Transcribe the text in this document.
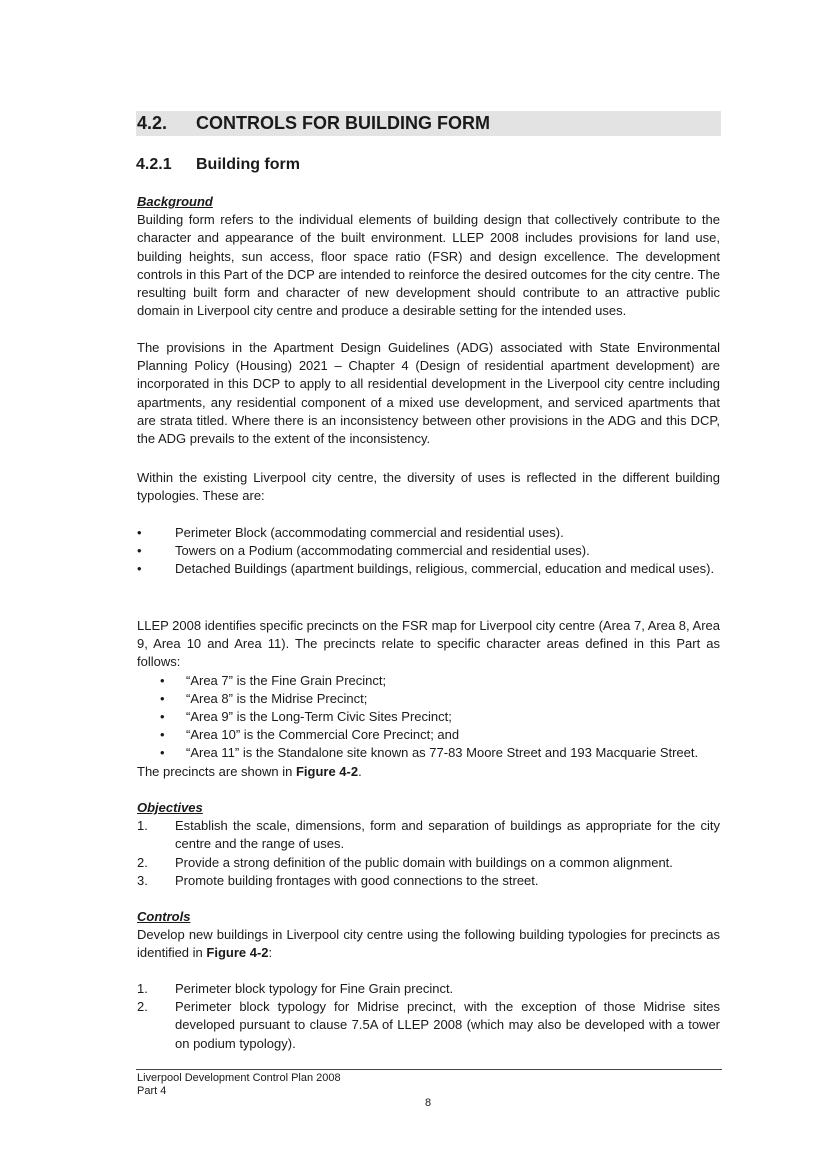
4.2. CONTROLS FOR BUILDING FORM
4.2.1 Building form
Background

Building form refers to the individual elements of building design that collectively contribute to the character and appearance of the built environment. LLEP 2008 includes provisions for land use, building heights, sun access, floor space ratio (FSR) and design excellence. The development controls in this Part of the DCP are intended to reinforce the desired outcomes for the city centre. The resulting built form and character of new development should contribute to an attractive public domain in Liverpool city centre and produce a desirable setting for the intended uses.

The provisions in the Apartment Design Guidelines (ADG) associated with State Environmental Planning Policy (Housing) 2021 – Chapter 4 (Design of residential apartment development) are incorporated in this DCP to apply to all residential development in the Liverpool city centre including apartments, any residential component of a mixed use development, and serviced apartments that are strata titled. Where there is an inconsistency between other provisions in the ADG and this DCP, the ADG prevails to the extent of the inconsistency.
Within the existing Liverpool city centre, the diversity of uses is reflected in the different building typologies. These are:
•	Perimeter Block (accommodating commercial and residential uses).
•	Towers on a Podium (accommodating commercial and residential uses).
•	Detached Buildings (apartment buildings, religious, commercial, education and medical uses).
LLEP 2008 identifies specific precincts on the FSR map for Liverpool city centre (Area 7, Area 8, Area 9, Area 10 and Area 11). The precincts relate to specific character areas defined in this Part as follows:
• “Area 7” is the Fine Grain Precinct;
• “Area 8” is the Midrise Precinct;
• “Area 9” is the Long-Term Civic Sites Precinct;
• “Area 10” is the Commercial Core Precinct; and
• “Area 11” is the Standalone site known as 77-83 Moore Street and 193 Macquarie Street.
The precincts are shown in Figure 4-2.
Objectives
1. Establish the scale, dimensions, form and separation of buildings as appropriate for the city centre and the range of uses.
2. Provide a strong definition of the public domain with buildings on a common alignment.
3. Promote building frontages with good connections to the street.
Controls
Develop new buildings in Liverpool city centre using the following building typologies for precincts as identified in Figure 4-2:
1. Perimeter block typology for Fine Grain precinct.
2. Perimeter block typology for Midrise precinct, with the exception of those Midrise sites developed pursuant to clause 7.5A of LLEP 2008 (which may also be developed with a tower on podium typology).
Liverpool Development Control Plan 2008
Part 4
8
